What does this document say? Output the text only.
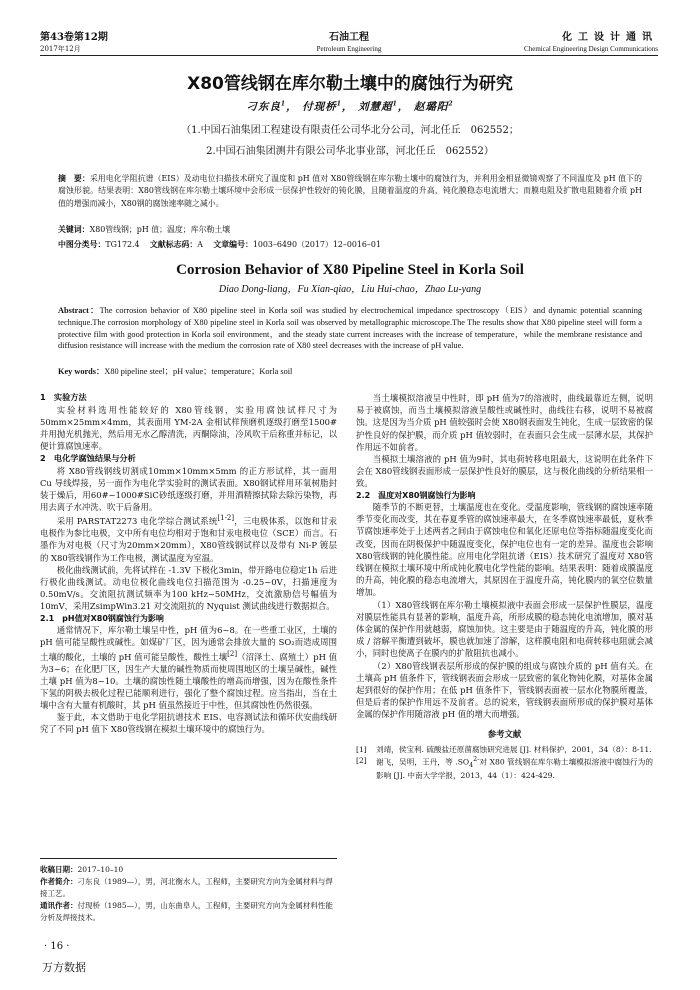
第43卷第12期
2017年12月
石油工程
Petroleum Engineering
化工设计通讯
Chemical Engineering Design Communications
X80管线钢在库尔勒土壤中的腐蚀行为研究
刁东良$^1$， 付现桥$^1$， 刘慧超$^1$， 赵璐阳$^2$
（1.中国石油集团工程建设有限责任公司华北分公司，河北任丘　062552；
2.中国石油集团测井有限公司华北事业部，河北任丘　062552）
摘　要：采用电化学阻抗谱（EIS）及动电位扫描技术研究了温度和 pH 值对 X80管线钢在库尔勒土壤中的腐蚀行为，并利用金相显微镜观察了不同温度及 pH 值下的腐蚀形貌。结果表明：X80管线钢在库尔勒土壤环境中会形成一层保护性较好的钝化膜，且随着温度的升高，钝化膜稳态电流增大；而膜电阻及扩散电阻随着介质 pH 值的增强而减小，X80钢的腐蚀速率随之减小。
关键词：X80管线钢；pH 值；温度；库尔勒土壤
中图分类号：TG172.4　 文献标志码：A　 文章编号：1003–6490（2017）12–0016–01
Corrosion Behavior of X80 Pipeline Steel in Korla Soil
Diao Dong-liang，Fu Xian-qiao，Liu Hui-chao，Zhao Lu-yang
Abstract：The corrosion behavior of X80 pipeline steel in Korla soil was studied by electrochemical impedance spectroscopy（EIS）and dynamic potential scanning technique.The corrosion morphology of X80 pipeline steel in Korla soil was observed by metallographic microscope.The The results show that X80 pipeline steel will form a protective film with good protection in Korla soil environment，and the steady state current increases with the increase of temperature，while the membrane resistance and diffusion resistance will increase with the medium the corrosion rate of X80 steel decreases with the increase of pH value.
Key words：X80 pipeline steel；pH value；temperature；Korla soil
1　实验方法

实验材料选用性能较好的 X80管线钢，实验用腐蚀试样尺寸为50mm×25mm×4mm，其表面用 YM-2A 金相试样预磨机逐级打磨至1500# 并用抛光机抛光，然后用无水乙醇清洗，丙酮除油，冷风吹干后称重并标记，以便计算腐蚀速率。

2　电化学腐蚀结果与分析

将 X80管线钢线切割成10mm×10mm×5mm 的正方形试样，其一面用 Cu 导线焊接，另一面作为电化学实验时的测试表面。X80钢试样用环氧树脂封装于燥后，用60#~1000#SiC砂纸逐级打磨，并用酒精擦拭除去除污染物，再用去离子水冲洗、吹干后备用。

采用 PARSTAT2273 电化学综合测试系统[1-2]，三电极体系，以饱和甘汞电极作为参比电极，文中所有电位均相对于饱和甘汞电极电位（SCE）而言。石墨作为对电极（尺寸为20mm×20mm），X80管线钢试样以及带有 Ni-P 镀层的 X80管线钢作为工作电极，测试温度为室温。

极化曲线测试前，先将试样在 -1.3V 下极化3min，带开路电位稳定1h 后进行极化曲线测试。动电位极化曲线电位扫描范围为 -0.25~0V，扫描速度为0.50mV/s。交流阻抗测试频率为100 kHz~50MHz，交流激励信号幅值为10mV，采用ZsimpWin3.21 对交流阻抗的 Nyquist 测试曲线进行数据拟合。

2.1　pH值对X80钢腐蚀行为影响

通常情况下，库尔勒土壤呈中性，pH 值为6~8。在一些重工业区，土壤的 pH 值可能呈酸性或碱性。如煤矿厂区，因为通常会排放大量的 SO₂而造成周围土壤的酸化，土壤的 pH 值可能呈酸性，酸性土壤[2]（沼泽土、腐殖土）pH 值为3~6；在化肥厂区，因生产大量的碱性物质而使周围地区的土壤呈碱性，碱性土壤 pH 值为8~10。土壤的腐蚀性随土壤酸性的增高而增强，因为在酸性条件下氢的阴极去极化过程已能顺利进行，强化了整个腐蚀过程。应当指出，当在土壤中含有大量有机酸时，其 pH 值虽然接近于中性，但其腐蚀性仍然很强。

鉴于此，本文借助于电化学阻抗谱技术 EIS、电容测试法和循环伏安曲线研究了不同 pH 值下 X80管线钢在模拟土壤环境中的腐蚀行为。

当土壤模拟溶液呈中性时，即 pH 值为7的溶液时，曲线最靠近左侧，说明易于被腐蚀，而当土壤模拟溶液呈酸性或碱性时，曲线往右移，说明不易被腐蚀。这是因为当介质 pH 值较强时会使 X80钢表面发生钝化，生成一层致密的保护性良好的保护膜，而介质 pH 值较弱时，在表面只会生成一层薄水层，其保护作用远不如前者。

当模拟土壤溶液的 pH 值为9时，其电荷转移电阻最大，这说明在此条件下会在 X80管线钢表面形成一层保护性良好的膜层，这与极化曲线的分析结果相一致。

2.2　温度对X80钢腐蚀行为影响

随季节的不断更替，土壤温度也在变化。受温度影响，管线钢的腐蚀速率随季节变化而改变，其在春夏季管的腐蚀速率最大，在冬季腐蚀速率最低，夏秋季节腐蚀速率处于上述两者之间由于腐蚀电位和氧化还原电位等指标随温度变化而改变，因而在阴极保护中随温度变化，保护电位也有一定的差异。温度也会影响 X80管线钢的钝化膜性能。应用电化学阻抗谱（EIS）技术研究了温度对 X80管线钢在模拟土壤环境中所成钝化膜电化学性能的影响。结果表明：随着成膜温度的升高，钝化膜的稳态电流增大，其原因在于温度升高，钝化膜内的氧空位数量增加。

（1）X80管线钢在库尔勒土壤模拟液中表面会形成一层保护性膜层，温度对膜层性能具有显著的影响，温度升高，所形成膜的稳态钝化电流增加，膜对基体金属的保护作用就越弱，腐蚀加快。这主要是由于随温度的升高，钝化膜的形成 / 溶解平衡遭到破坏，膜也就加速了溶解，这样膜电阻和电荷转移电阻就会减小，同时也使离子在膜内的扩散阻抗也减小。

（2）X80管线钢表层所形成的保护膜的组成与腐蚀介质的 pH 值有关。在土壤高 pH 值条件下，管线钢表面会形成一层致密的氧化物钝化膜，对基体金属起到很好的保护作用；在低 pH 值条件下，管线钢表面被一层水化物膜所覆盖，但是后者的保护作用远不及前者。总的说来，管线钢表面所形成的保护膜对基体金属的保护作用随溶液 pH 值的增大而增强。

参考文献
[1] 刘靖，侯宝利. 硫酸盐还原菌腐蚀研究进展 [J]. 材料保护，2001，34（8）：8-11.
[2] 谢飞，吴明，王丹，等 $.SO_4^{2-}$对 X80 管线钢在库尔勒土壤模拟溶液中腐蚀行为的影响 [J]. 中南大学学报，2013，44（1）：424-429.
收稿日期：2017–10–10
作者简介：刁东良（1989—），男，河北衡水人，工程师，主要研究方向为金属材料与焊接工艺。
通讯作者：付现桥（1985—），男，山东曲阜人，工程师，主要研究方向为金属材料性能分析及焊接技术。
· 16 ·
万方数据
